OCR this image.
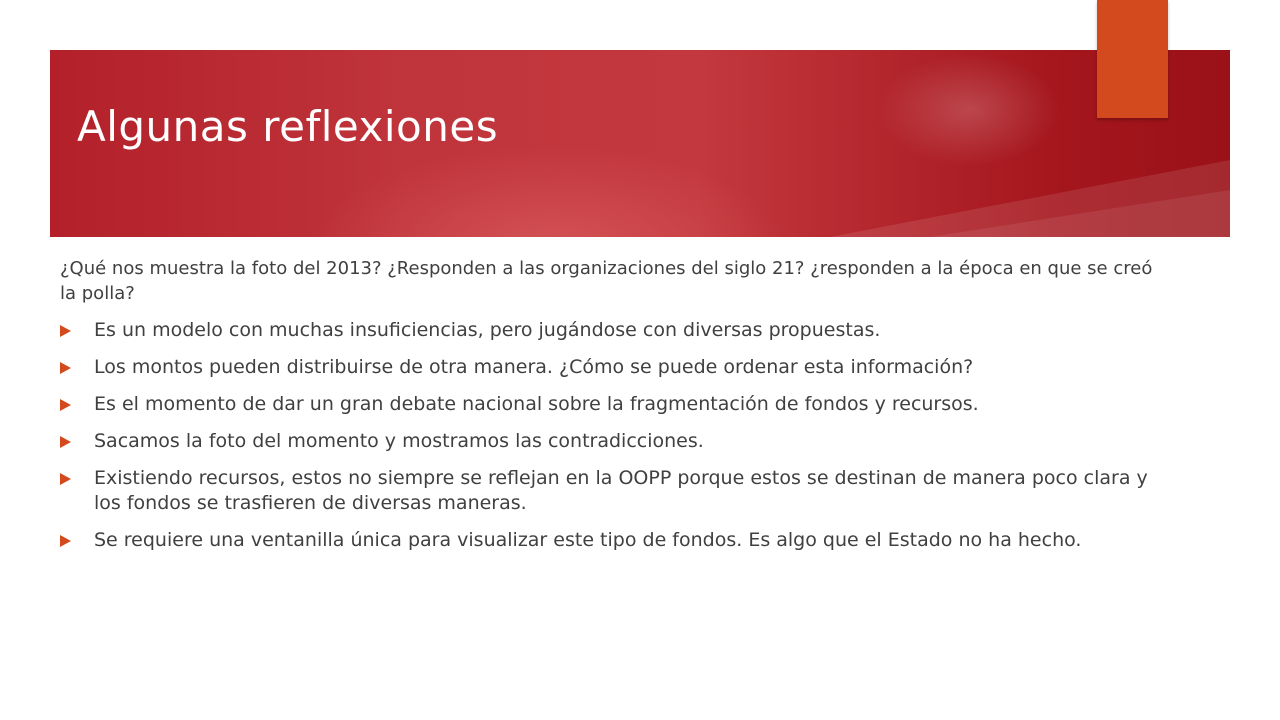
Algunas reflexiones

¿Qué nos muestra la foto del 2013? ¿Responden a las organizaciones del siglo 21? ¿responden a la época en que se creó la polla?

Es un modelo con muchas insuficiencias, pero jugándose con diversas propuestas.
Los montos pueden distribuirse de otra manera. ¿Cómo se puede ordenar esta información?
Es el momento de dar un gran debate nacional sobre la fragmentación de fondos y recursos.
Sacamos la foto del momento y mostramos las contradicciones.
Existiendo recursos, estos no siempre se reflejan en la OOPP porque estos se destinan de manera poco clara y los fondos se trasfieren de diversas maneras.
Se requiere una ventanilla única para visualizar este tipo de fondos. Es algo que el Estado no ha hecho.
